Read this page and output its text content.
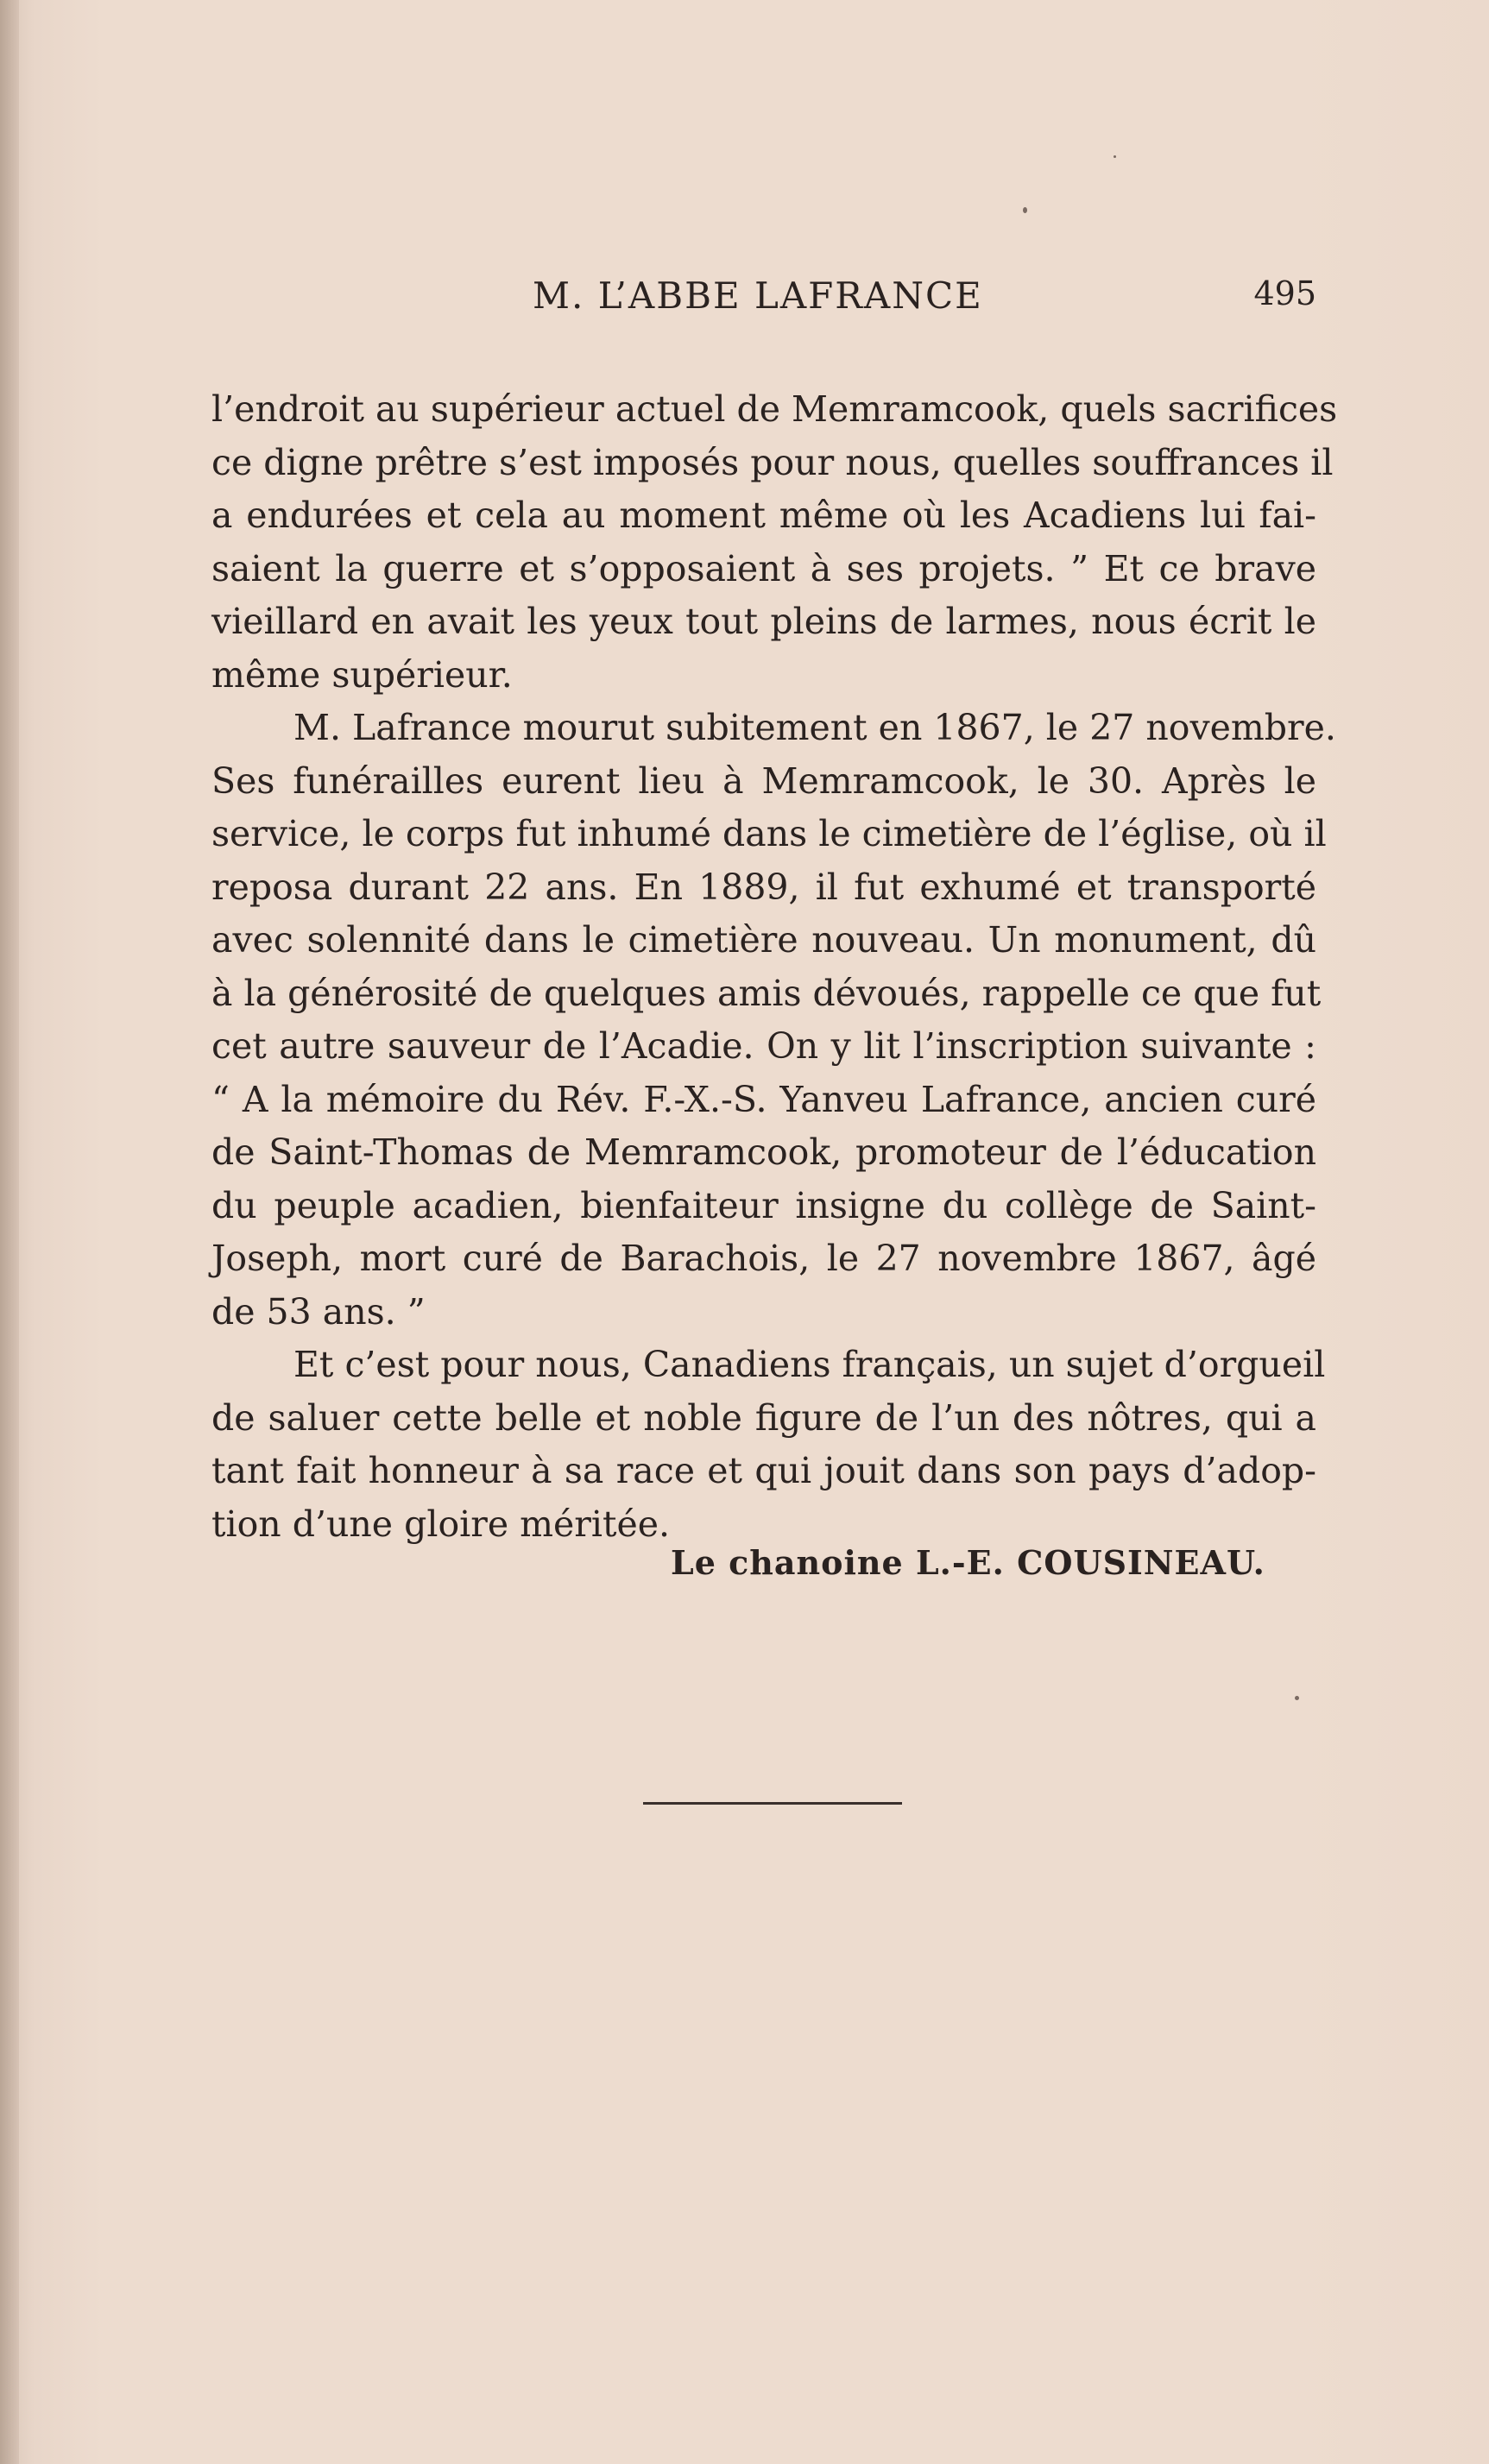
M. L’ABBE LAFRANCE	495
l’endroit au supérieur actuel de Memramcook, quels sacrifices
ce digne prêtre s’est imposés pour nous, quelles souffrances il
a endurées et cela au moment même où les Acadiens lui fai-
saient la guerre et s’opposaient à ses projets. ” Et ce brave
vieillard en avait les yeux tout pleins de larmes, nous écrit le
même supérieur.
M. Lafrance mourut subitement en 1867, le 27 novembre.
Ses funérailles eurent lieu à Memramcook, le 30. Après le
service, le corps fut inhumé dans le cimetière de l’église, où il
reposa durant 22 ans. En 1889, il fut exhumé et transporté
avec solennité dans le cimetière nouveau. Un monument, dû
à la générosité de quelques amis dévoués, rappelle ce que fut
cet autre sauveur de l’Acadie. On y lit l’inscription suivante :
“ A la mémoire du Rév. F.-X.-S. Yanveu Lafrance, ancien curé
de Saint-Thomas de Memramcook, promoteur de l’éducation
du peuple acadien, bienfaiteur insigne du collège de Saint-
Joseph, mort curé de Barachois, le 27 novembre 1867, âgé
de 53 ans. ”
Et c’est pour nous, Canadiens français, un sujet d’orgueil
de saluer cette belle et noble figure de l’un des nôtres, qui a
tant fait honneur à sa race et qui jouit dans son pays d’adop-
tion d’une gloire méritée.
Le chanoine L.-E. COUSINEAU.
